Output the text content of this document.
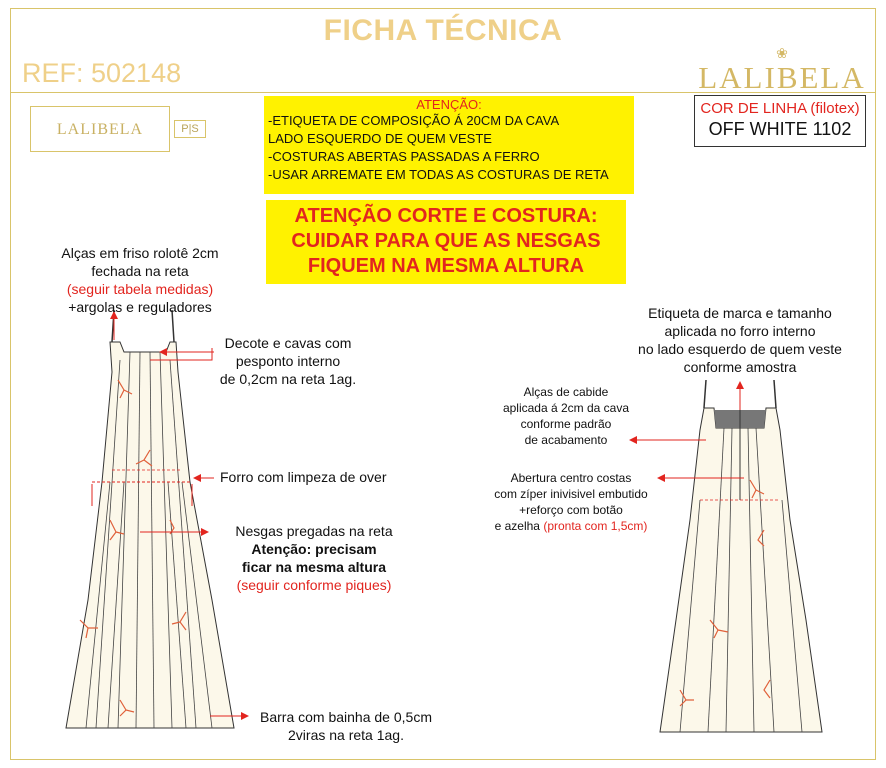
FICHA TÉCNICA
REF: 502148
❀
LALIBELA
LALIBELA	P|S
ATENÇÃO:
-ETIQUETA DE COMPOSIÇÃO Á 20CM DA CAVA
LADO ESQUERDO DE QUEM VESTE
-COSTURAS ABERTAS PASSADAS A FERRO
-USAR ARREMATE EM TODAS AS COSTURAS DE RETA
ATENÇÃO CORTE E COSTURA:
CUIDAR PARA QUE AS NESGAS
FIQUEM NA MESMA ALTURA
COR DE LINHA (filotex)
OFF WHITE 1102
Alças em friso rolotê 2cm
fechada na reta
(seguir tabela medidas)
+argolas e reguladores
Decote e cavas com
pesponto interno
de 0,2cm na reta 1ag.
Forro com limpeza de over
Nesgas pregadas na reta
Atenção: precisam
ficar na mesma altura
(seguir conforme piques)
Barra com bainha de 0,5cm
2viras na reta 1ag.
Etiqueta de marca e tamanho
aplicada no forro interno
no lado esquerdo de quem veste
conforme amostra
Alças de cabide
aplicada á 2cm da cava
conforme padrão
de acabamento
Abertura centro costas
com zíper inivisivel embutido
+reforço com botão
e azelha (pronta com 1,5cm)
